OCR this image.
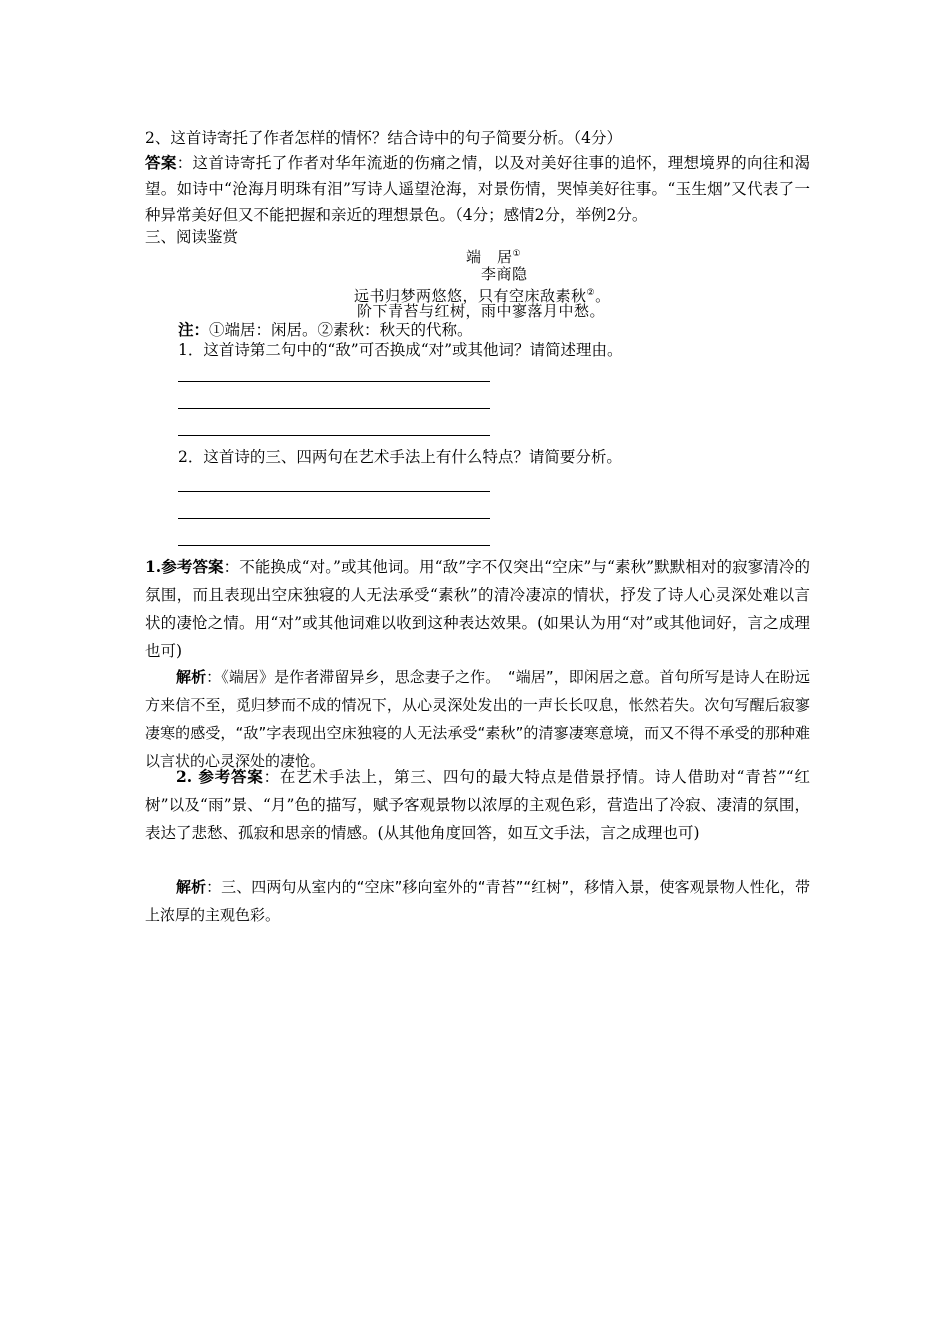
2、这首诗寄托了作者怎样的情怀？结合诗中的句子简要分析。（4分）
答案：这首诗寄托了作者对华年流逝的伤痛之情，以及对美好往事的追怀，理想境界的向往和渴望。如诗中“沧海月明珠有泪”写诗人遥望沧海，对景伤情，哭悼美好往事。“玉生烟”又代表了一种异常美好但又不能把握和亲近的理想景色。（4分；感情2分，举例2分。
三、阅读鉴赏
端　居①
李商隐
远书归梦两悠悠，只有空床敌素秋②。
阶下青苔与红树，雨中寥落月中愁。
注：①端居：闲居。②素秋：秋天的代称。
1．这首诗第二句中的“敌”可否换成“对”或其他词？请简述理由。
2．这首诗的三、四两句在艺术手法上有什么特点？请简要分析。
1.参考答案：不能换成“对。”或其他词。用“敌”字不仅突出“空床”与“素秋”默默相对的寂寥清冷的氛围，而且表现出空床独寝的人无法承受“素秋”的清冷凄凉的情状，抒发了诗人心灵深处难以言状的凄怆之情。用“对”或其他词难以收到这种表达效果。(如果认为用“对”或其他词好，言之成理也可)
解析：《端居》是作者滞留异乡，思念妻子之作。　“端居”，即闲居之意。首句所写是诗人在盼远方来信不至，觅归梦而不成的情况下，从心灵深处发出的一声长长叹息，怅然若失。次句写醒后寂寥凄寒的感受，“敌”字表现出空床独寝的人无法承受“素秋”的清寥凄寒意境，而又不得不承受的那种难以言状的心灵深处的凄怆。
2. 参考答案：在艺术手法上，第三、四句的最大特点是借景抒情。诗人借助对“青苔”“红树”以及“雨”景、“月”色的描写，赋予客观景物以浓厚的主观色彩，营造出了冷寂、凄清的氛围，表达了悲愁、孤寂和思亲的情感。(从其他角度回答，如互文手法，言之成理也可)
解析：三、四两句从室内的“空床”移向室外的“青苔”“红树”，移情入景，使客观景物人性化，带上浓厚的主观色彩。
